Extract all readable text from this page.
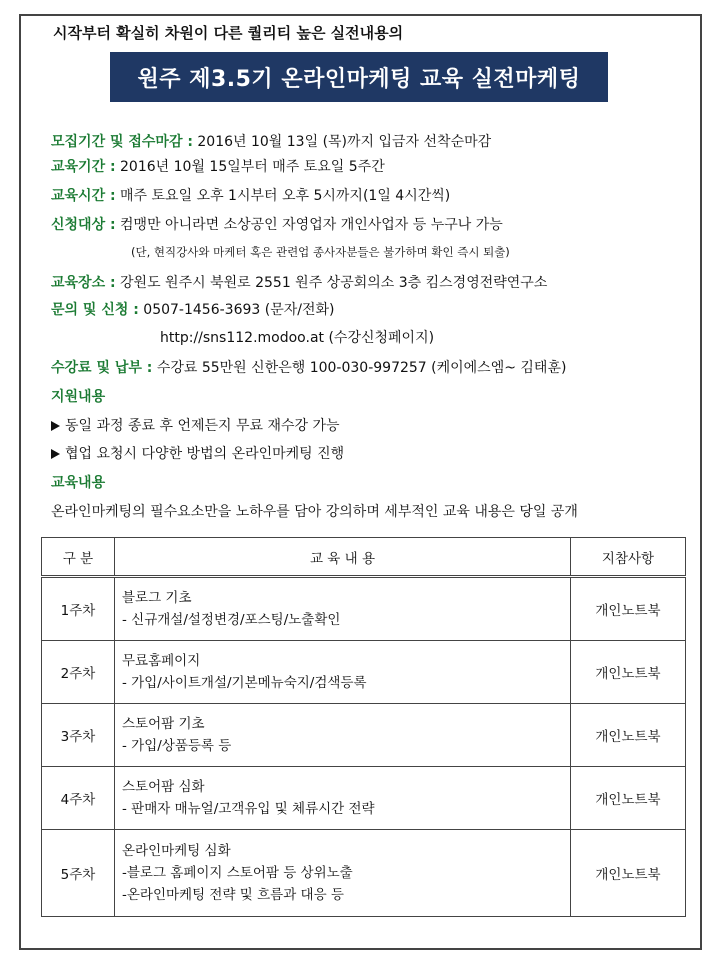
시작부터 확실히 차원이 다른 퀄리티 높은 실전내용의
원주 제3.5기 온라인마케팅 교육 실전마케팅
모집기간 및 접수마감 : 2016년 10월 13일 (목)까지 입금자 선착순마감
교육기간 : 2016년 10월 15일부터 매주 토요일 5주간
교육시간 : 매주 토요일 오후 1시부터 오후 5시까지(1일 4시간씩)
신청대상 : 컴맹만 아니라면 소상공인 자영업자 개인사업자 등 누구나 가능
(단, 현직강사와 마케터 혹은 관련업 종사자분들은 불가하며 확인 즉시 퇴출)
교육장소 : 강원도 원주시 북원로 2551 원주 상공회의소 3층 킴스경영전략연구소
문의 및 신청 : 0507-1456-3693 (문자/전화)
http://sns112.modoo.at (수강신청페이지)
수강료 및 납부 : 수강료 55만원 신한은행 100-030-997257 (케이에스엠~ 김태훈)
지원내용
동일 과정 종료 후 언제든지 무료 재수강 가능
협업 요청시 다양한 방법의 온라인마케팅 진행
교육내용
온라인마케팅의 필수요소만을 노하우를 담아 강의하며 세부적인 교육 내용은 당일 공개
구 분	교 육 내 용	지참사항
1주차	블로그 기초
- 신규개설/설정변경/포스팅/노출확인	개인노트북
2주차	무료홈페이지
- 가입/사이트개설/기본메뉴숙지/검색등록	개인노트북
3주차	스토어팜 기초
- 가입/상품등록 등	개인노트북
4주차	스토어팜 심화
- 판매자 매뉴얼/고객유입 및 체류시간 전략	개인노트북
5주차	온라인마케팅 심화
-블로그 홈페이지 스토어팜 등 상위노출
-온라인마케팅 전략 및 흐름과 대응 등	개인노트북
